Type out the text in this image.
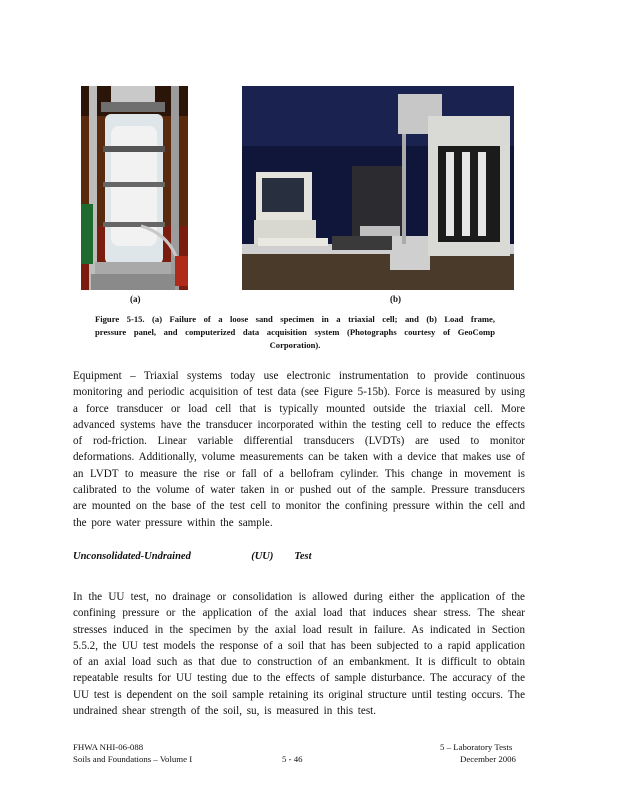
(a)	(b)
Figure 5-15. (a) Failure of a loose sand specimen in a triaxial cell; and (b) Load frame, pressure panel, and computerized data acquisition system (Photographs courtesy of GeoComp Corporation).

Equipment – Triaxial systems today use electronic instrumentation to provide continuous monitoring and periodic acquisition of test data (see Figure 5-15b). Force is measured by using a force transducer or load cell that is typically mounted outside the triaxial cell. More advanced systems have the transducer incorporated within the testing cell to reduce the effects of rod-friction. Linear variable differential transducers (LVDTs) are used to monitor deformations. Additionally, volume measurements can be taken with a device that makes use of an LVDT to measure the rise or fall of a bellofram cylinder. This change in movement is calibrated to the volume of water taken in or pushed out of the sample. Pressure transducers are mounted on the base of the test cell to monitor the confining pressure within the cell and the pore water pressure within the sample.

Unconsolidated-Undrained	(UU) Test

In the UU test, no drainage or consolidation is allowed during either the application of the confining pressure or the application of the axial load that induces shear stress. The shear stresses induced in the specimen by the axial load result in failure. As indicated in Section 5.5.2, the UU test models the response of a soil that has been subjected to a rapid application of an axial load such as that due to construction of an embankment. It is difficult to obtain repeatable results for UU testing due to the effects of sample disturbance. The accuracy of the UU test is dependent on the soil sample retaining its original structure until testing occurs. The undrained shear strength of the soil, su, is measured in this test.

FHWA NHI-06-088
Soils and Foundations – Volume I	5 - 46
5 – Laboratory Tests
December 2006
